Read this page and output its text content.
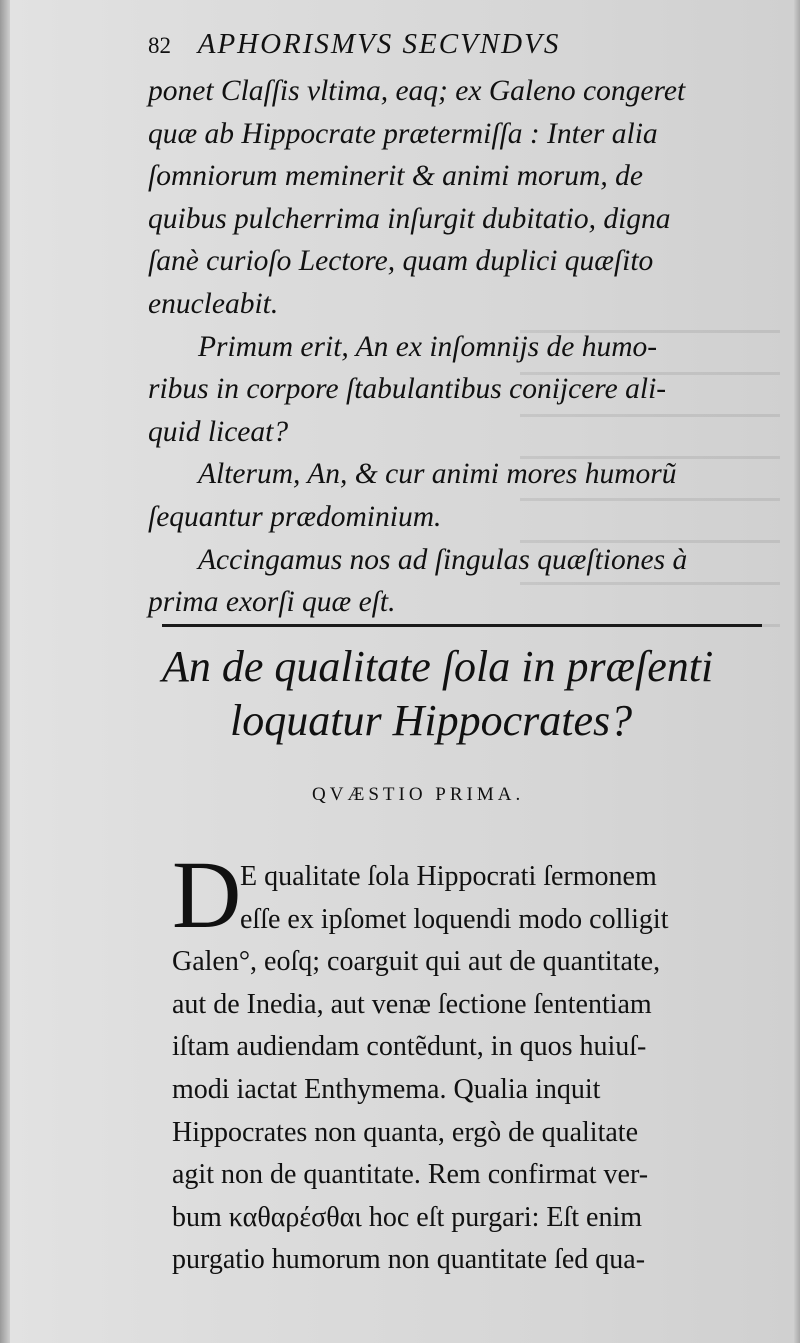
82 APHORISMVS SECVNDVS
ponet Claſſis vltima, eaq; ex Galeno congeret
quæ ab Hippocrate prætermiſſa : Inter alia
ſomniorum meminerit & animi morum, de
quibus pulcherrima inſurgit dubitatio, digna
ſanè curioſo Lectore, quam duplici quæſito
enucleabit.
Primum erit, An ex inſomnijs de humo-
ribus in corpore ſtabulantibus conijcere ali-
quid liceat?
Alterum, An, & cur animi mores humorũ
ſequantur prædominium.
Accingamus nos ad ſingulas quæſtiones à
prima exorſi quæ eſt.
An de qualitate ſola in præſenti
loquatur Hippocrates?
QVÆSTIO PRIMA.
D
E qualitate ſola Hippocrati ſermonem
eſſe ex ipſomet loquendi modo colligit
Galen°, eoſq; coarguit qui aut de quantitate,
aut de Inedia, aut venæ ſectione ſententiam
iſtam audiendam contẽdunt, in quos huiuſ-
modi iactat Enthymema. Qualia inquit
Hippocrates non quanta, ergò de qualitate
agit non de quantitate. Rem confirmat ver-
bum καθαρέσθαι hoc eſt purgari: Eſt enim
purgatio humorum non quantitate ſed qua-
